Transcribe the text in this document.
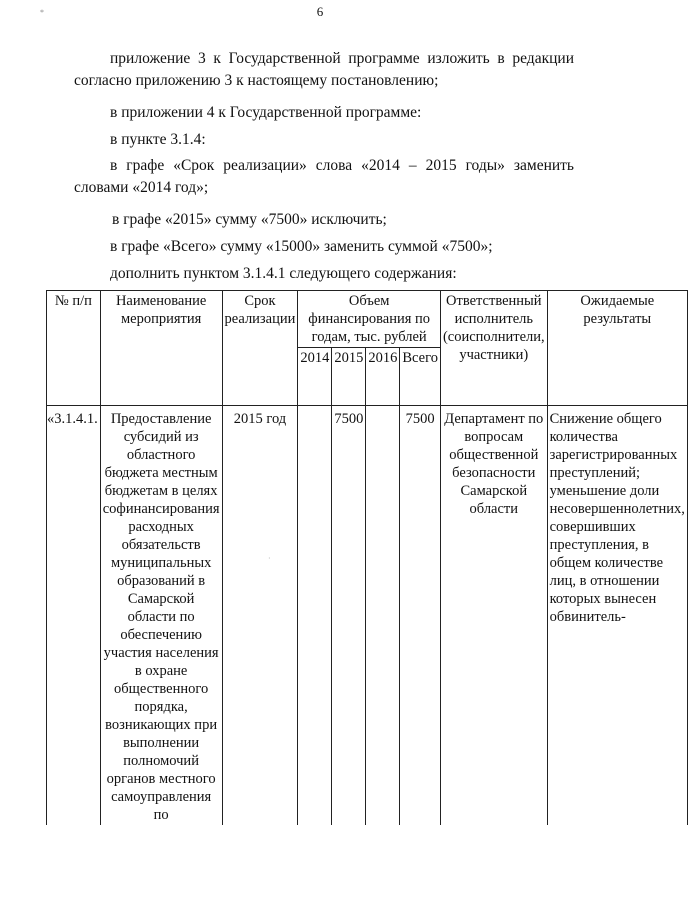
*	6
приложение 3 к Государственной программе изложить в редакции согласно приложению 3 к настоящему постановлению;
в приложении 4 к Государственной программе:
в пункте 3.1.4:
в графе «Срок реализации» слова «2014 – 2015 годы» заменить словами «2014 год»;
в графе «2015» сумму «7500» исключить;
в графе «Всего» сумму «15000» заменить суммой «7500»;
дополнить пунктом 3.1.4.1 следующего содержания:
№ п/п	Наименование мероприятия	Срок реализации	Объем финансирования по годам, тыс. рублей				Ответственный исполнитель (соисполнители, участники)	Ожидаемые результаты
			2014	2015	2016	Всего		
«3.1.4.1.	Предоставление субсидий из областного бюджета местным бюджетам в целях софинансирования расходных обязательств муниципальных образований в Самарской области по обеспечению участия населения в охране общественного порядка, возникающих при выполнении полномочий органов местного самоуправления по	2015 год		7500		7500	Департамент по вопросам общественной безопасности Самарской области	Снижение общего количества зарегистрированных преступлений; уменьшение доли несовершеннолетних, совершивших преступления, в общем количестве лиц, в отношении которых вынесен обвинитель-
·
